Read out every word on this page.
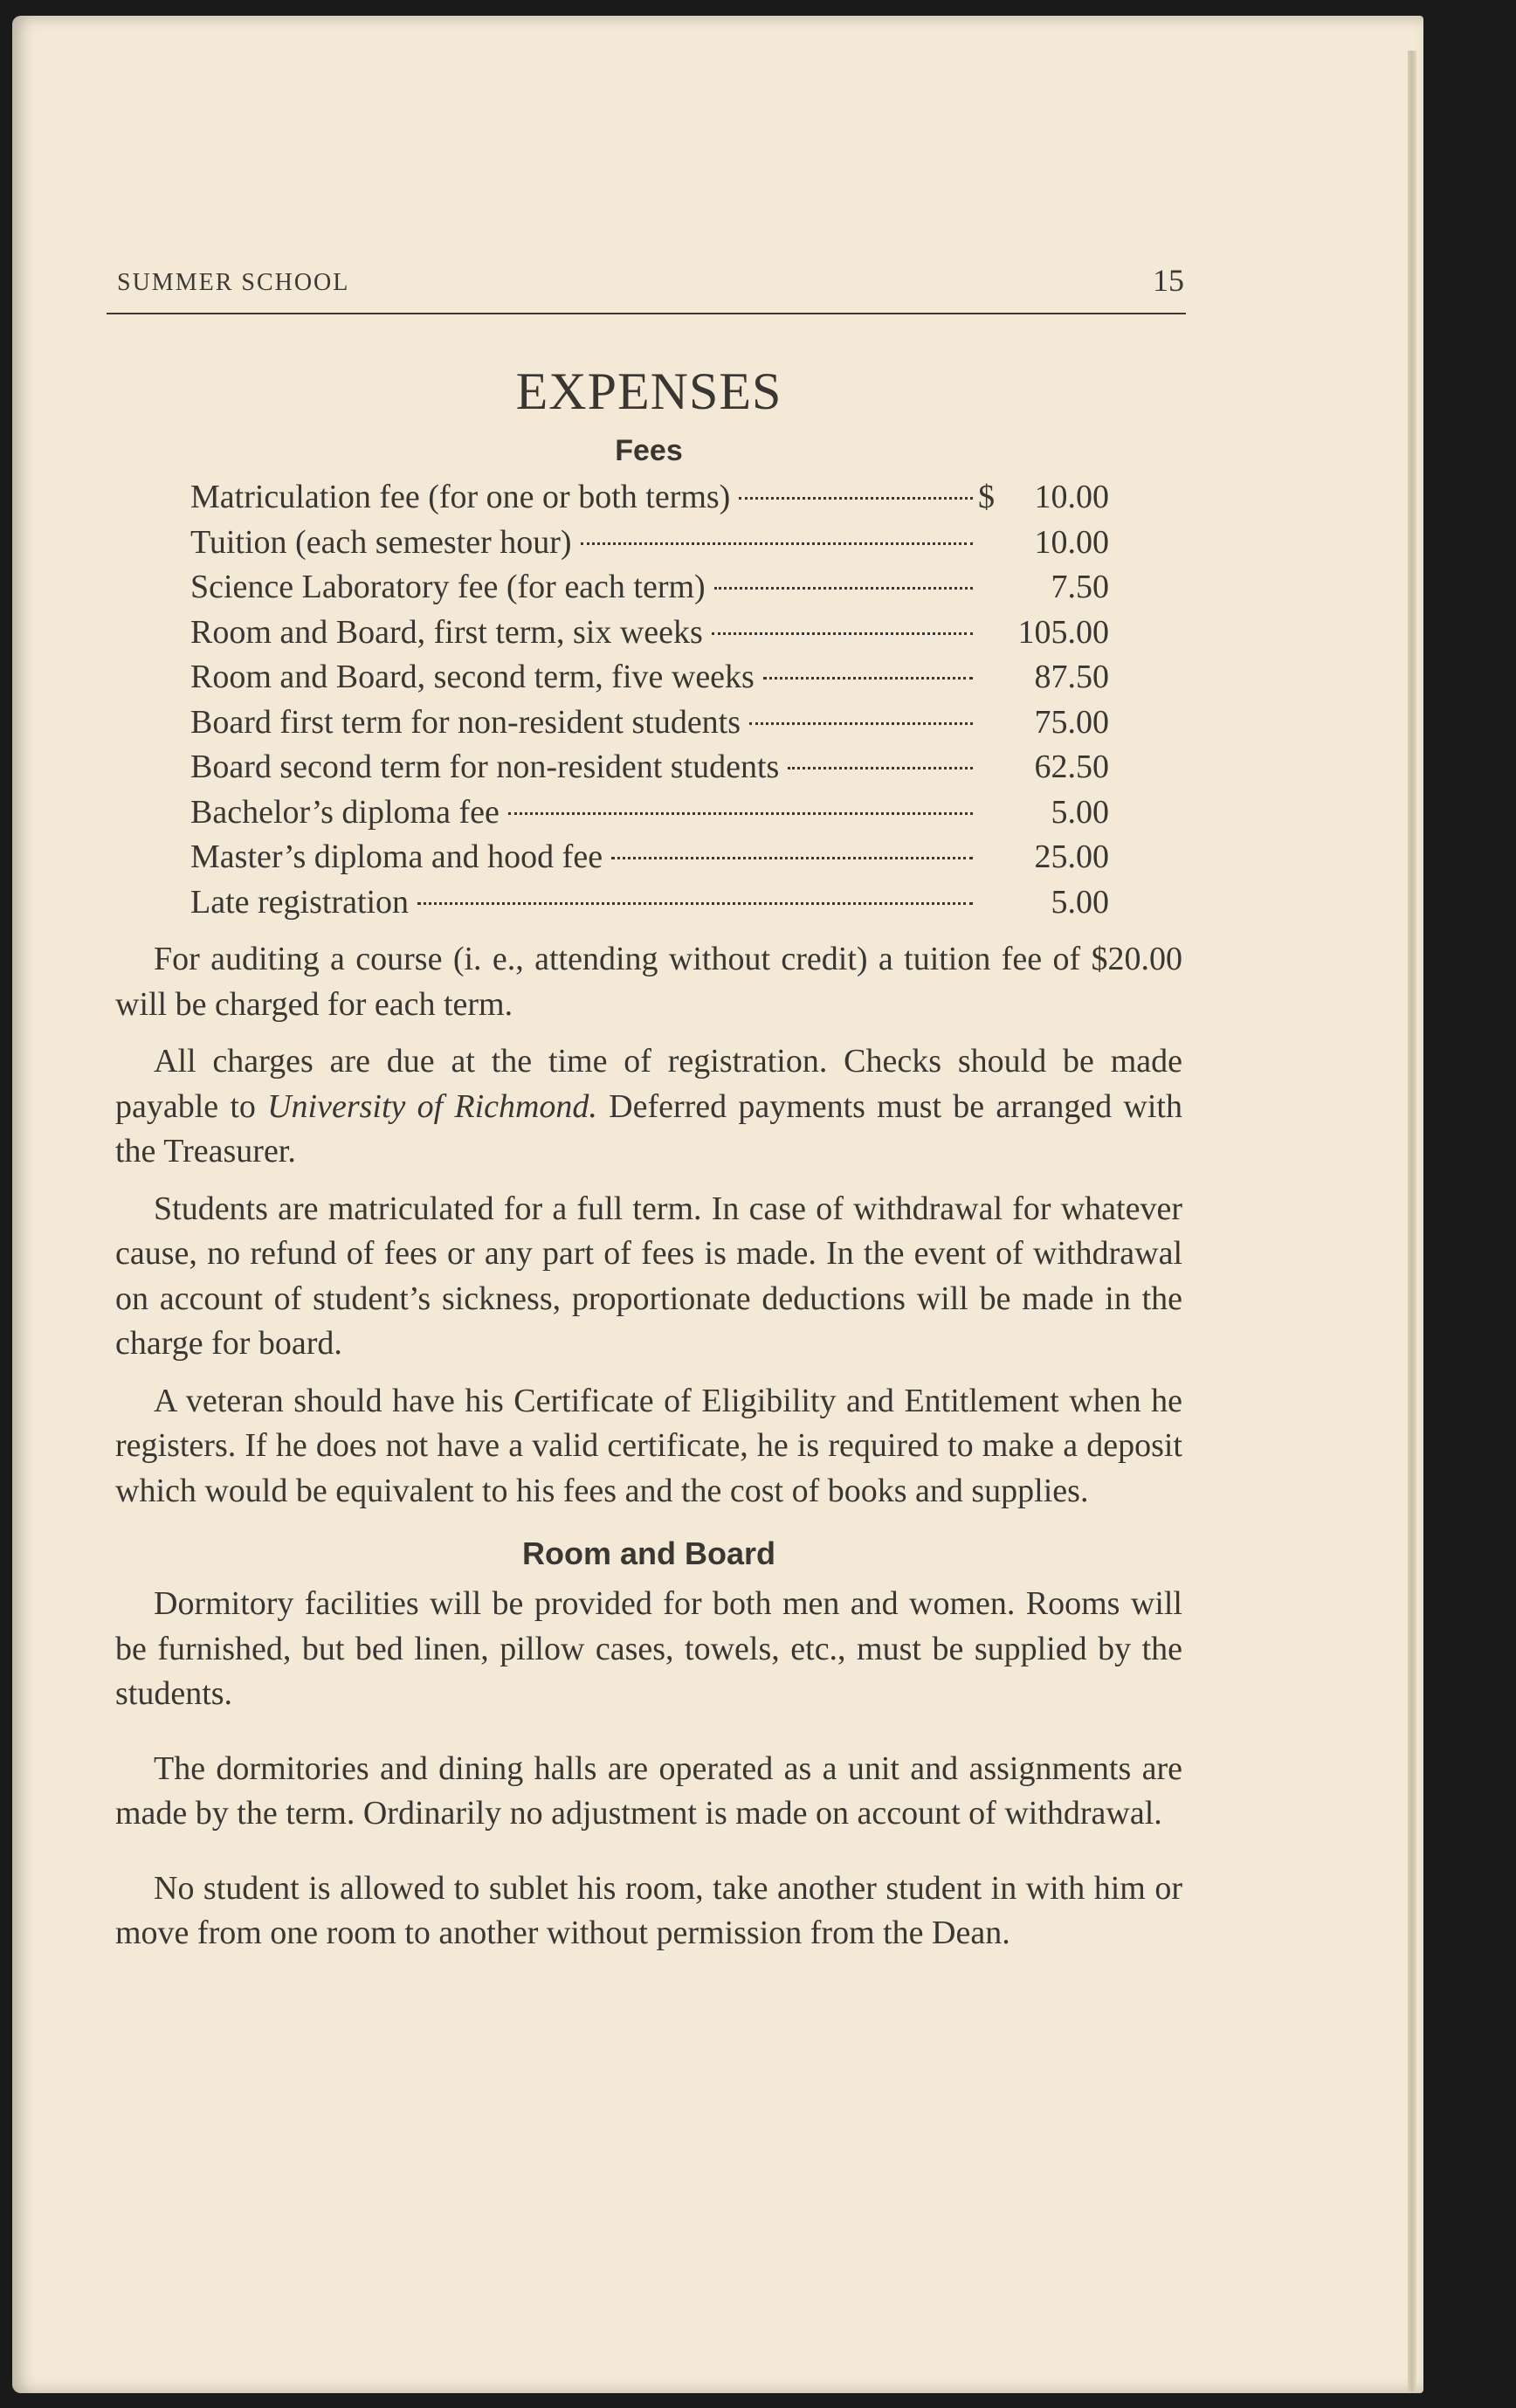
SUMMER SCHOOL	15
EXPENSES
Fees
Matriculation fee (for one or both terms)	$ 10.00
Tuition (each semester hour)	10.00
Science Laboratory fee (for each term)	7.50
Room and Board, first term, six weeks	105.00
Room and Board, second term, five weeks	87.50
Board first term for non-resident students	75.00
Board second term for non-resident students	62.50
Bachelor’s diploma fee	5.00
Master’s diploma and hood fee	25.00
Late registration	5.00

For auditing a course (i. e., attending without credit) a tuition fee of $20.00 will be charged for each term.

All charges are due at the time of registration. Checks should be made payable to University of Richmond. Deferred payments must be arranged with the Treasurer.

Students are matriculated for a full term. In case of withdrawal for whatever cause, no refund of fees or any part of fees is made. In the event of withdrawal on account of student’s sickness, proportionate deductions will be made in the charge for board.

A veteran should have his Certificate of Eligibility and Entitlement when he registers. If he does not have a valid certificate, he is required to make a deposit which would be equivalent to his fees and the cost of books and supplies.

Room and Board

Dormitory facilities will be provided for both men and women. Rooms will be furnished, but bed linen, pillow cases, towels, etc., must be supplied by the students.

The dormitories and dining halls are operated as a unit and assignments are made by the term. Ordinarily no adjustment is made on account of withdrawal.

No student is allowed to sublet his room, take another student in with him or move from one room to another without permission from the Dean.
